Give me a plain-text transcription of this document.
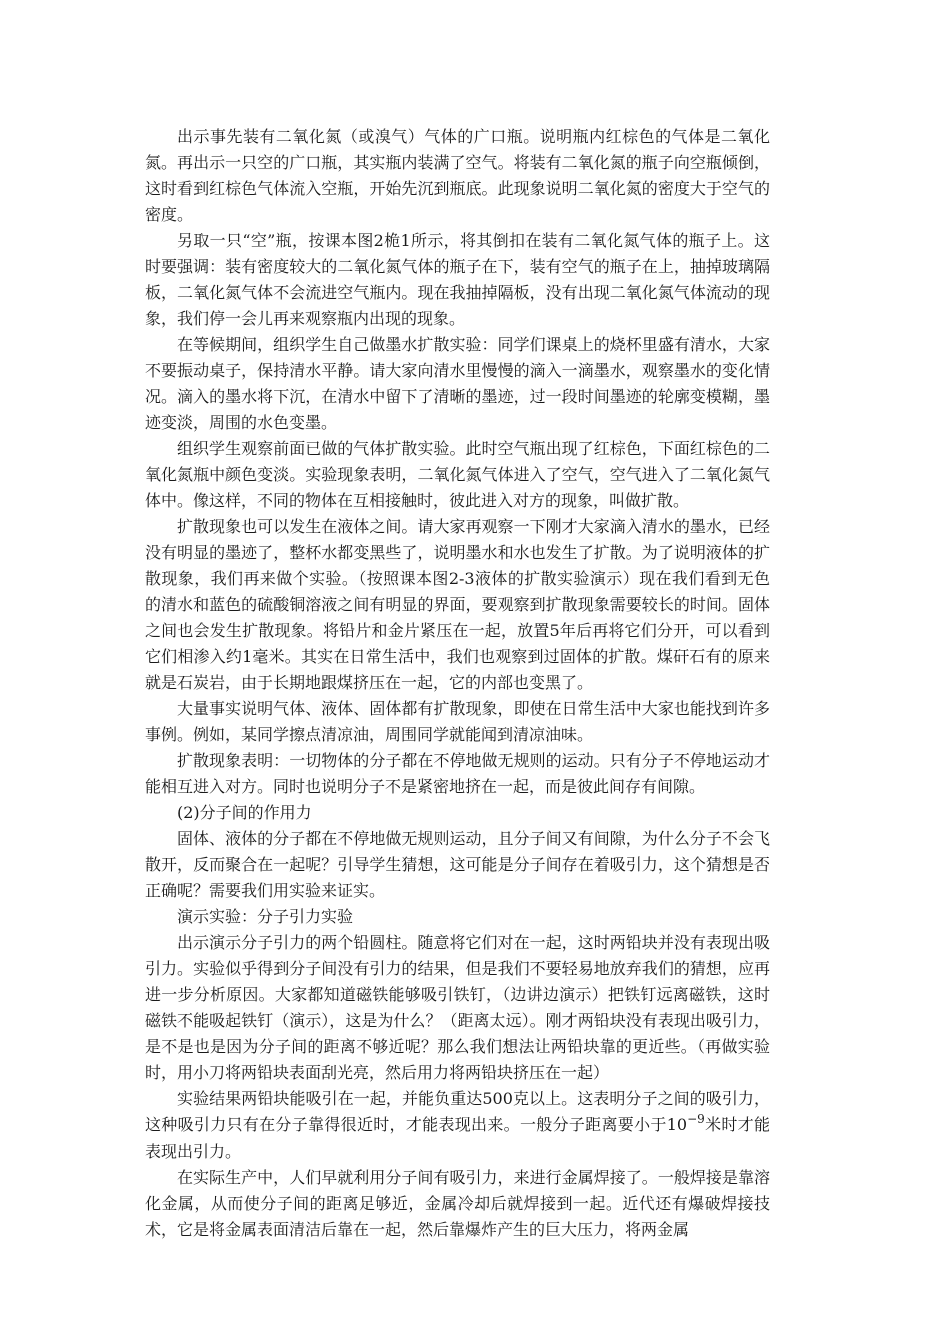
出示事先装有二氧化氮（或溴气）气体的广口瓶。说明瓶内红棕色的气体是二氧化氮。再出示一只空的广口瓶，其实瓶内装满了空气。将装有二氧化氮的瓶子向空瓶倾倒，这时看到红棕色气体流入空瓶，开始先沉到瓶底。此现象说明二氧化氮的密度大于空气的密度。

另取一只“空”瓶，按课本图2桅1所示，将其倒扣在装有二氧化氮气体的瓶子上。这时要强调：装有密度较大的二氧化氮气体的瓶子在下，装有空气的瓶子在上，抽掉玻璃隔板，二氧化氮气体不会流进空气瓶内。现在我抽掉隔板，没有出现二氧化氮气体流动的现象，我们停一会儿再来观察瓶内出现的现象。

在等候期间，组织学生自己做墨水扩散实验：同学们课桌上的烧杯里盛有清水，大家不要振动桌子，保持清水平静。请大家向清水里慢慢的滴入一滴墨水，观察墨水的变化情况。滴入的墨水将下沉，在清水中留下了清晰的墨迹，过一段时间墨迹的轮廓变模糊，墨迹变淡，周围的水色变墨。

组织学生观察前面已做的气体扩散实验。此时空气瓶出现了红棕色，下面红棕色的二氧化氮瓶中颜色变淡。实验现象表明，二氧化氮气体进入了空气，空气进入了二氧化氮气体中。像这样，不同的物体在互相接触时，彼此进入对方的现象，叫做扩散。

扩散现象也可以发生在液体之间。请大家再观察一下刚才大家滴入清水的墨水，已经没有明显的墨迹了，整杯水都变黑些了，说明墨水和水也发生了扩散。为了说明液体的扩散现象，我们再来做个实验。（按照课本图2-3液体的扩散实验演示）现在我们看到无色的清水和蓝色的硫酸铜溶液之间有明显的界面，要观察到扩散现象需要较长的时间。固体之间也会发生扩散现象。将铅片和金片紧压在一起，放置5年后再将它们分开，可以看到它们相渗入约1毫米。其实在日常生活中，我们也观察到过固体的扩散。煤矸石有的原来就是石炭岩，由于长期地跟煤挤压在一起，它的内部也变黑了。

大量事实说明气体、液体、固体都有扩散现象，即使在日常生活中大家也能找到许多事例。例如，某同学擦点清凉油，周围同学就能闻到清凉油味。

扩散现象表明：一切物体的分子都在不停地做无规则的运动。只有分子不停地运动才能相互进入对方。同时也说明分子不是紧密地挤在一起，而是彼此间存有间隙。

(2)分子间的作用力

固体、液体的分子都在不停地做无规则运动，且分子间又有间隙，为什么分子不会飞散开，反而聚合在一起呢？引导学生猜想，这可能是分子间存在着吸引力，这个猜想是否正确呢？需要我们用实验来证实。

演示实验：分子引力实验

出示演示分子引力的两个铅圆柱。随意将它们对在一起，这时两铅块并没有表现出吸引力。实验似乎得到分子间没有引力的结果，但是我们不要轻易地放弃我们的猜想，应再进一步分析原因。大家都知道磁铁能够吸引铁钉，（边讲边演示）把铁钉远离磁铁，这时磁铁不能吸起铁钉（演示），这是为什么？（距离太远）。刚才两铅块没有表现出吸引力，是不是也是因为分子间的距离不够近呢？那么我们想法让两铅块靠的更近些。（再做实验时，用小刀将两铅块表面刮光亮，然后用力将两铅块挤压在一起）

实验结果两铅块能吸引在一起，并能负重达500克以上。这表明分子之间的吸引力，这种吸引力只有在分子靠得很近时，才能表现出来。一般分子距离要小于$10^{-9}$米时才能表现出引力。

在实际生产中，人们早就利用分子间有吸引力，来进行金属焊接了。一般焊接是靠溶化金属，从而使分子间的距离足够近，金属冷却后就焊接到一起。近代还有爆破焊接技术，它是将金属表面清洁后靠在一起，然后靠爆炸产生的巨大压力，将两金属
